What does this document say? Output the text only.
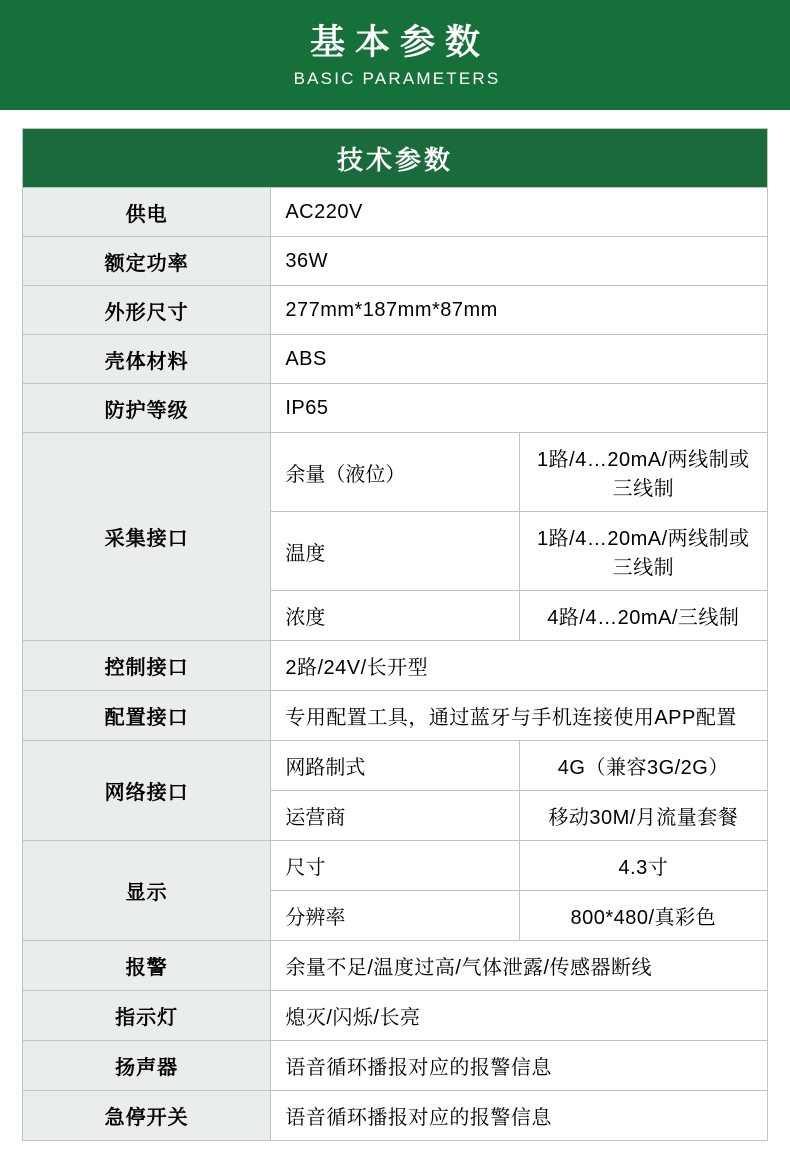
基本参数
BASIC PARAMETERS
技术参数		
供电	AC220V	
额定功率	36W	
外形尺寸	277mm*187mm*87mm	
壳体材料	ABS	
防护等级	IP65	
采集接口	余量（液位）	1路/4…20mA/两线制或三线制
	温度	1路/4…20mA/两线制或三线制
	浓度	4路/4…20mA/三线制
控制接口	2路/24V/长开型	
配置接口	专用配置工具，通过蓝牙与手机连接使用APP配置	
网络接口	网路制式	4G（兼容3G/2G）
	运营商	移动30M/月流量套餐
显示	尺寸	4.3寸
	分辨率	800*480/真彩色
报警	余量不足/温度过高/气体泄露/传感器断线	
指示灯	熄灭/闪烁/长亮	
扬声器	语音循环播报对应的报警信息	
急停开关	语音循环播报对应的报警信息	
